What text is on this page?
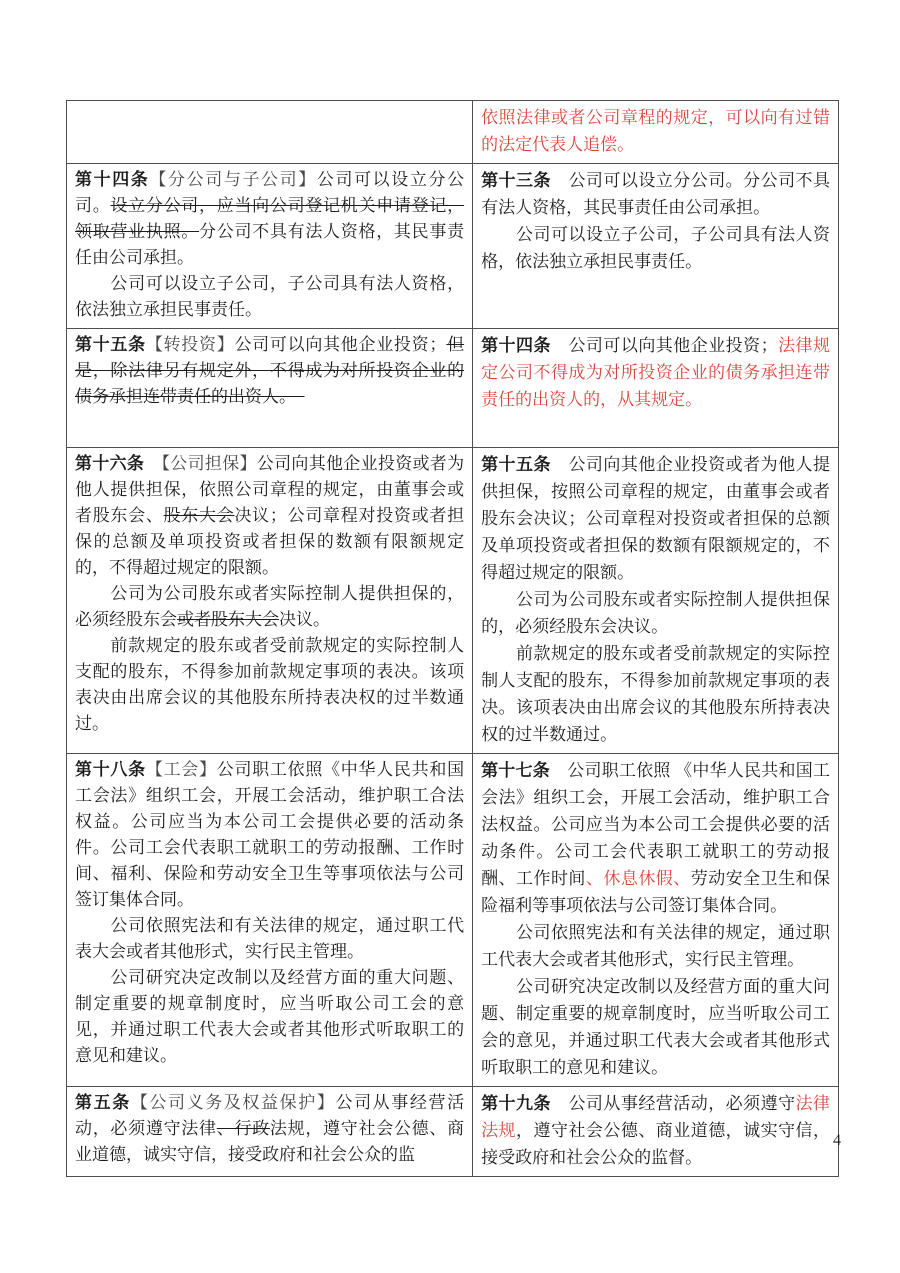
依照法律或者公司章程的规定，可以向有过错的法定代表人追偿。

第十四条【分公司与子公司】公司可以设立分公司。设立分公司，应当向公司登记机关申请登记，领取营业执照。分公司不具有法人资格，其民事责任由公司承担。

　　公司可以设立子公司，子公司具有法人资格，依法独立承担民事责任。

第十三条　公司可以设立分公司。分公司不具有法人资格，其民事责任由公司承担。

　　公司可以设立子公司，子公司具有法人资格，依法独立承担民事责任。

第十五条【转投资】公司可以向其他企业投资；但是，除法律另有规定外，不得成为对所投资企业的债务承担连带责任的出资人。　

第十四条　公司可以向其他企业投资；法律规定公司不得成为对所投资企业的债务承担连带责任的出资人的，从其规定。

第十六条　【公司担保】公司向其他企业投资或者为他人提供担保，依照公司章程的规定，由董事会或者股东会、股东大会决议；公司章程对投资或者担保的总额及单项投资或者担保的数额有限额规定的，不得超过规定的限额。

　　公司为公司股东或者实际控制人提供担保的，必须经股东会或者股东大会决议。

　　前款规定的股东或者受前款规定的实际控制人支配的股东，不得参加前款规定事项的表决。该项表决由出席会议的其他股东所持表决权的过半数通过。

第十五条　公司向其他企业投资或者为他人提供担保，按照公司章程的规定，由董事会或者股东会决议；公司章程对投资或者担保的总额及单项投资或者担保的数额有限额规定的，不得超过规定的限额。

　　公司为公司股东或者实际控制人提供担保的，必须经股东会决议。

　　前款规定的股东或者受前款规定的实际控制人支配的股东，不得参加前款规定事项的表决。该项表决由出席会议的其他股东所持表决权的过半数通过。

第十八条【工会】公司职工依照《中华人民共和国工会法》组织工会，开展工会活动，维护职工合法权益。公司应当为本公司工会提供必要的活动条件。公司工会代表职工就职工的劳动报酬、工作时间、福利、保险和劳动安全卫生等事项依法与公司签订集体合同。

　　公司依照宪法和有关法律的规定，通过职工代表大会或者其他形式，实行民主管理。

　　公司研究决定改制以及经营方面的重大问题、制定重要的规章制度时，应当听取公司工会的意见，并通过职工代表大会或者其他形式听取职工的意见和建议。

第十七条　公司职工依照 《中华人民共和国工会法》组织工会，开展工会活动，维护职工合法权益。公司应当为本公司工会提供必要的活动条件。公司工会代表职工就职工的劳动报酬、工作时间、休息休假、劳动安全卫生和保险福利等事项依法与公司签订集体合同。

　　公司依照宪法和有关法律的规定，通过职工代表大会或者其他形式，实行民主管理。

　　公司研究决定改制以及经营方面的重大问题、制定重要的规章制度时，应当听取公司工会的意见，并通过职工代表大会或者其他形式听取职工的意见和建议。

第五条【公司义务及权益保护】公司从事经营活动，必须遵守法律、行政法规，遵守社会公德、商业道德，诚实守信，接受政府和社会公众的监

第十九条　公司从事经营活动，必须遵守法律法规，遵守社会公德、商业道德，诚实守信，接受政府和社会公众的监督。

4
